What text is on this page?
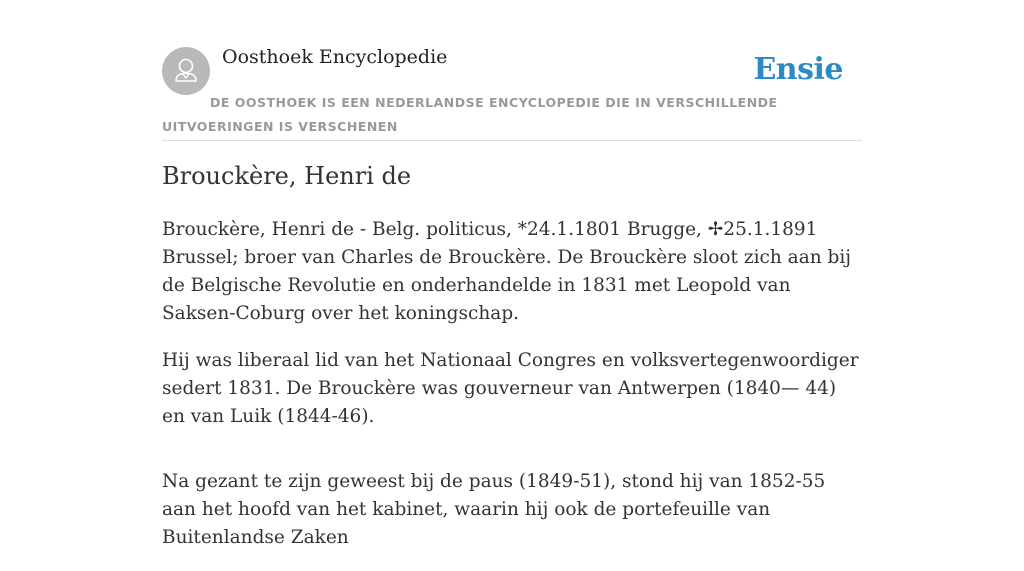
Oosthoek Encyclopedie	Ensie
DE OOSTHOEK IS EEN NEDERLANDSE ENCYCLOPEDIE DIE IN VERSCHILLENDE UITVOERINGEN IS VERSCHENEN
Brouckère, Henri de

Brouckère, Henri de - Belg. politicus, *24.1.1801 Brugge, ✢25.1.1891 Brussel; broer van Charles de Brouckère. De Brouckère sloot zich aan bij de Belgische Revolutie en onderhandelde in 1831 met Leopold van Saksen-Coburg over het koningschap.

Hij was liberaal lid van het Nationaal Congres en volksvertegenwoordiger sedert 1831. De Brouckère was gouverneur van Antwerpen (1840— 44) en van Luik (1844-46).

Na gezant te zijn geweest bij de paus (1849-51), stond hij van 1852-55 aan het hoofd van het kabinet, waarin hij ook de portefeuille van Buitenlandse Zaken
